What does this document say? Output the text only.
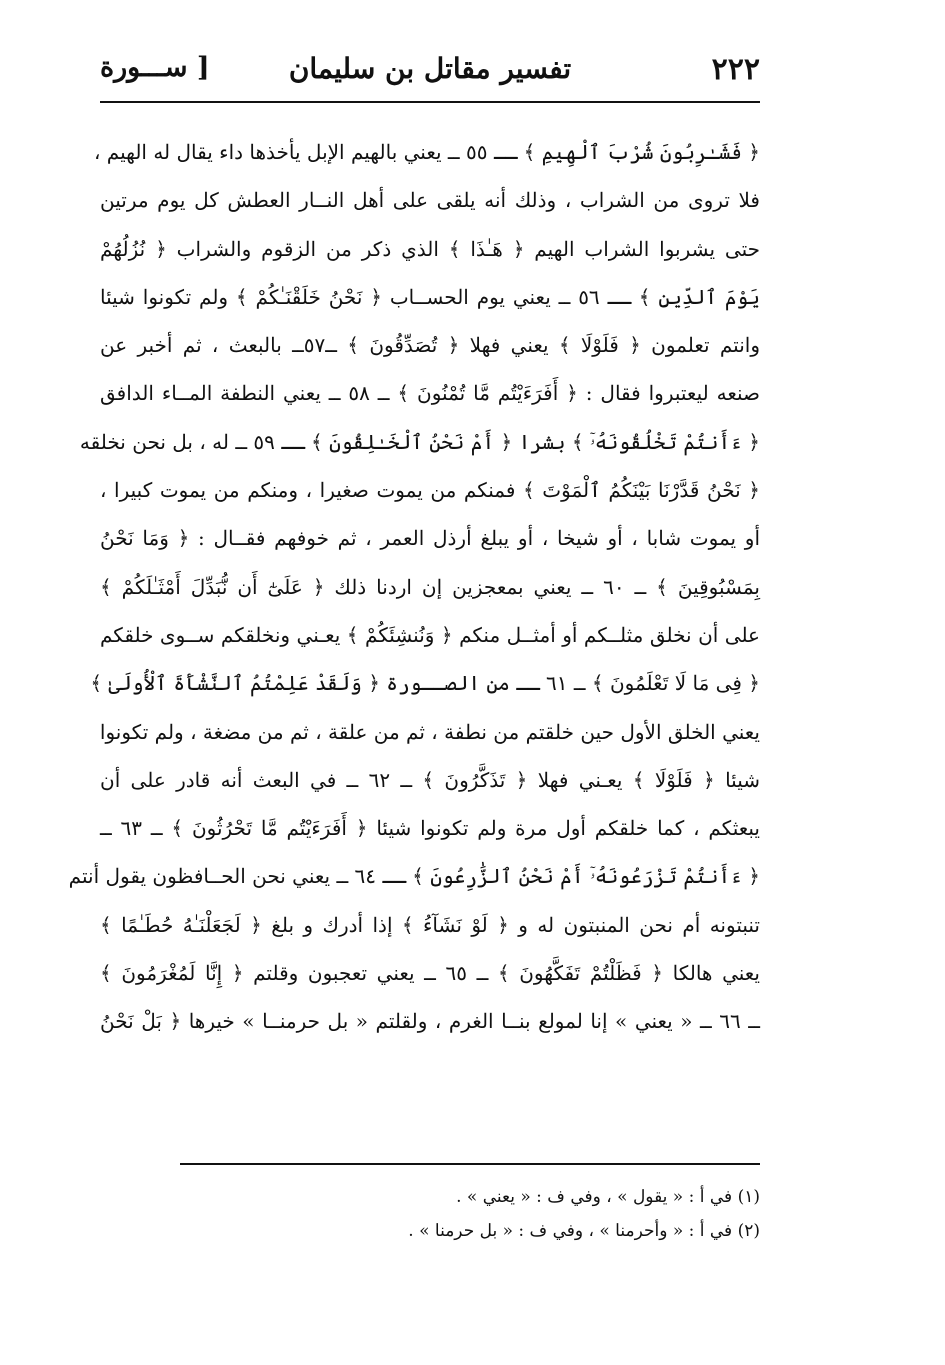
٢٢٢
تفسير مقاتل بن سليمان
[ ســـورة
﴿ فَشَـٰرِبُونَ شُرْبَ ٱلْهِيمِ ﴾ ــ ٥٥ ــ يعني بالهيم الإبل يأخذها داء يقال له الهيم ،
فلا تروى من الشراب ، وذلك أنه يلقى على أهل النــار العطش كل يوم مرتين
حتى يشربوا الشراب الهيم ﴿ هَـٰذَا ﴾ الذي ذكر من الزقوم والشراب ﴿ نُزُلُهُمْ
يَوْمَ ٱلدِّينِ ﴾ ــ ٥٦ ــ يعني يوم الحســاب ﴿ نَحْنُ خَلَقْنَـٰكُمْ ﴾ ولم تكونوا شيئا
وانتم تعلمون ﴿ فَلَوْلَا ﴾ يعني فهلا ﴿ تُصَدِّقُونَ ﴾ ــ٥٧ــ بالبعث ، ثم أخبر عن
صنعه ليعتبروا فقال : ﴿ أَفَرَءَيْتُم مَّا تُمْنُونَ ﴾ ــ ٥٨ ــ يعني النطفة المــاء الدافق
﴿ ءَأَنتُمْ تَخْلُقُونَهُۥٓ ﴾ بشرا ﴿ أَمْ نَحْنُ ٱلْخَـٰلِقُونَ ﴾ ــ ٥٩ ــ له ، بل نحن نخلقه
﴿ نَحْنُ قَدَّرْنَا بَيْنَكُمُ ٱلْمَوْتَ ﴾ فمنكم من يموت صغيرا ، ومنكم من يموت كبيرا ،
أو يموت شابا ، أو شيخا ، أو يبلغ أرذل العمر ، ثم خوفهم فقــال : ﴿ وَمَا نَحْنُ
بِمَسْبُوقِينَ ﴾ ــ ٦٠ ــ يعني بمعجزين إن اردنا ذلك ﴿ عَلَىٰٓ أَن نُّبَدِّلَ أَمْثَـٰلَكُمْ ﴾
على أن نخلق مثلــكم أو أمثــل منكم ﴿ وَنُنشِئَكُمْ ﴾ يعـني ونخلقكم ســوى خلقكم
﴿ فِى مَا لَا تَعْلَمُونَ ﴾ ــ ٦١ ــ من الصــورة ﴿ وَلَقَدْ عَلِمْتُمُ ٱلنَّشْأَةَ ٱلْأُولَىٰ ﴾
يعني الخلق الأول حين خلقتم من نطفة ، ثم من علقة ، ثم من مضغة ، ولم تكونوا
شيئا ﴿ فَلَوْلَا ﴾ يعـني فهلا ﴿ تَذَكَّرُونَ ﴾ ــ ٦٢ ــ في البعث أنه قادر على أن
يبعثكم ، كما خلقكم أول مرة ولم تكونوا شيئا ﴿ أَفَرَءَيْتُم مَّا تَحْرُثُونَ ﴾ ــ ٦٣ ــ
﴿ ءَأَنتُمْ تَزْرَعُونَهُۥٓ أَمْ نَحْنُ ٱلزَّٰرِعُونَ ﴾ ــ ٦٤ ــ يعني نحن الحــافظون يقول أنتم
تنبتونه أم نحن المنبتون له و ﴿ لَوْ نَشَآءُ ﴾ إذا أدرك و بلغ ﴿ لَجَعَلْنَـٰهُ حُطَـٰمًا ﴾
يعني هالكا ﴿ فَظَلْتُمْ تَفَكَّهُونَ ﴾ ــ ٦٥ ــ يعني تعجبون وقلتم ﴿ إِنَّا لَمُغْرَمُونَ ﴾
ــ ٦٦ ــ « يعني » إنا لمولع بنــا الغرم ، ولقلتم « بل حرمنــا » خيرها ﴿ بَلْ نَحْنُ
(١) في أ : « يقول » ، وفي ف : « يعني » .
(٢) في أ : « وأحرمنا » ، وفي ف : « بل حرمنا » .
